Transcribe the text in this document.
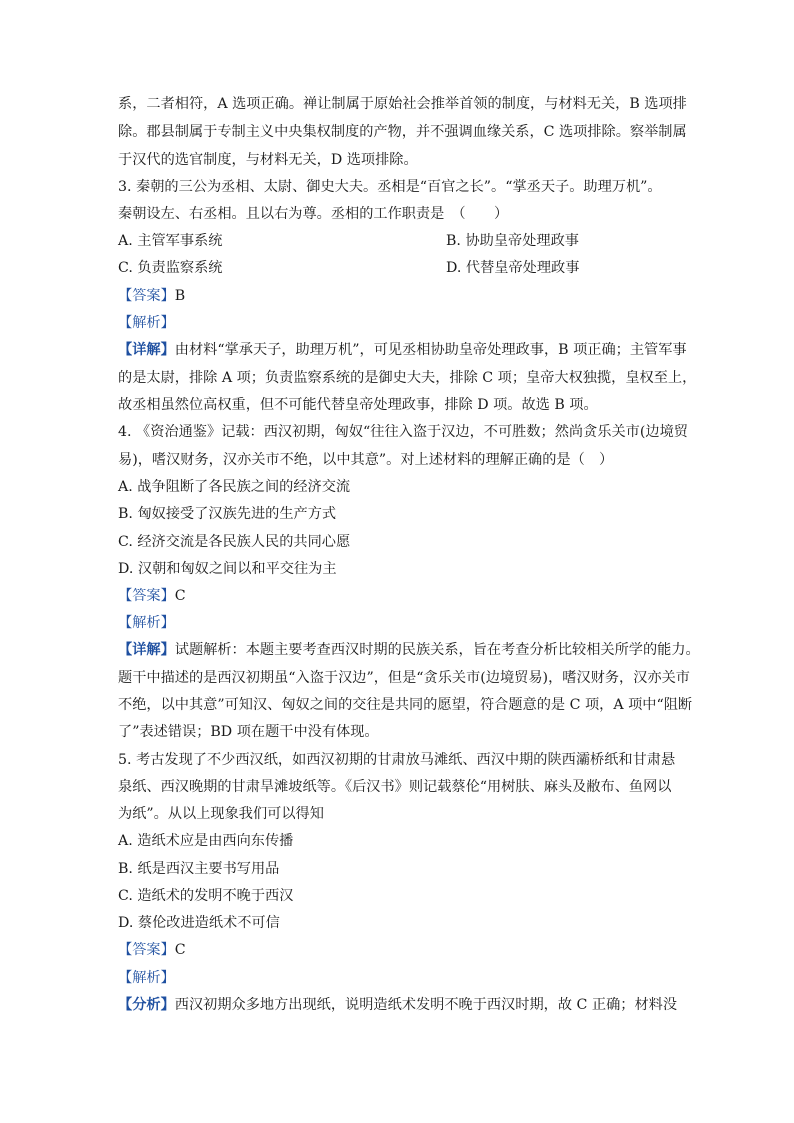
系，二者相符，A 选项正确。禅让制属于原始社会推举首领的制度，与材料无关，B 选项排
除。郡县制属于专制主义中央集权制度的产物，并不强调血缘关系，C 选项排除。察举制属
于汉代的选官制度，与材料无关，D 选项排除。
3. 秦朝的三公为丞相、太尉、御史大夫。丞相是“百官之长”。“掌丞天子。助理万机”。
秦朝设左、右丞相。且以右为尊。丞相的工作职责是　（　　）
A. 主管军事系统	B. 协助皇帝处理政事
C. 负责监察系统	D. 代替皇帝处理政事
【答案】B
【解析】
【详解】由材料“掌承天子，助理万机”，可见丞相协助皇帝处理政事，B 项正确；主管军事
的是太尉，排除 A 项；负责监察系统的是御史大夫，排除 C 项；皇帝大权独揽，皇权至上，
故丞相虽然位高权重，但不可能代替皇帝处理政事，排除 D 项。故选 B 项。
4. 《资治通鉴》记载：西汉初期，匈奴“往往入盗于汉边，不可胜数；然尚贪乐关市(边境贸
易)，嗜汉财务，汉亦关市不绝，以中其意”。对上述材料的理解正确的是（　）
A. 战争阻断了各民族之间的经济交流
B. 匈奴接受了汉族先进的生产方式
C. 经济交流是各民族人民的共同心愿
D. 汉朝和匈奴之间以和平交往为主
【答案】C
【解析】
【详解】试题解析：本题主要考查西汉时期的民族关系，旨在考查分析比较相关所学的能力。
题干中描述的是西汉初期虽“入盗于汉边”，但是“贪乐关市(边境贸易)，嗜汉财务，汉亦关市
不绝，以中其意”可知汉、匈奴之间的交往是共同的愿望，符合题意的是 C 项，A 项中“阻断
了”表述错误；BD 项在题干中没有体现。
5. 考古发现了不少西汉纸，如西汉初期的甘肃放马滩纸、西汉中期的陕西灞桥纸和甘肃悬
泉纸、西汉晚期的甘肃旱滩坡纸等。《后汉书》则记载蔡伦“用树肤、麻头及敝布、鱼网以
为纸”。从以上现象我们可以得知
A. 造纸术应是由西向东传播
B. 纸是西汉主要书写用品
C. 造纸术的发明不晚于西汉
D. 蔡伦改进造纸术不可信
【答案】C
【解析】
【分析】西汉初期众多地方出现纸，说明造纸术发明不晚于西汉时期，故 C 正确；材料没
